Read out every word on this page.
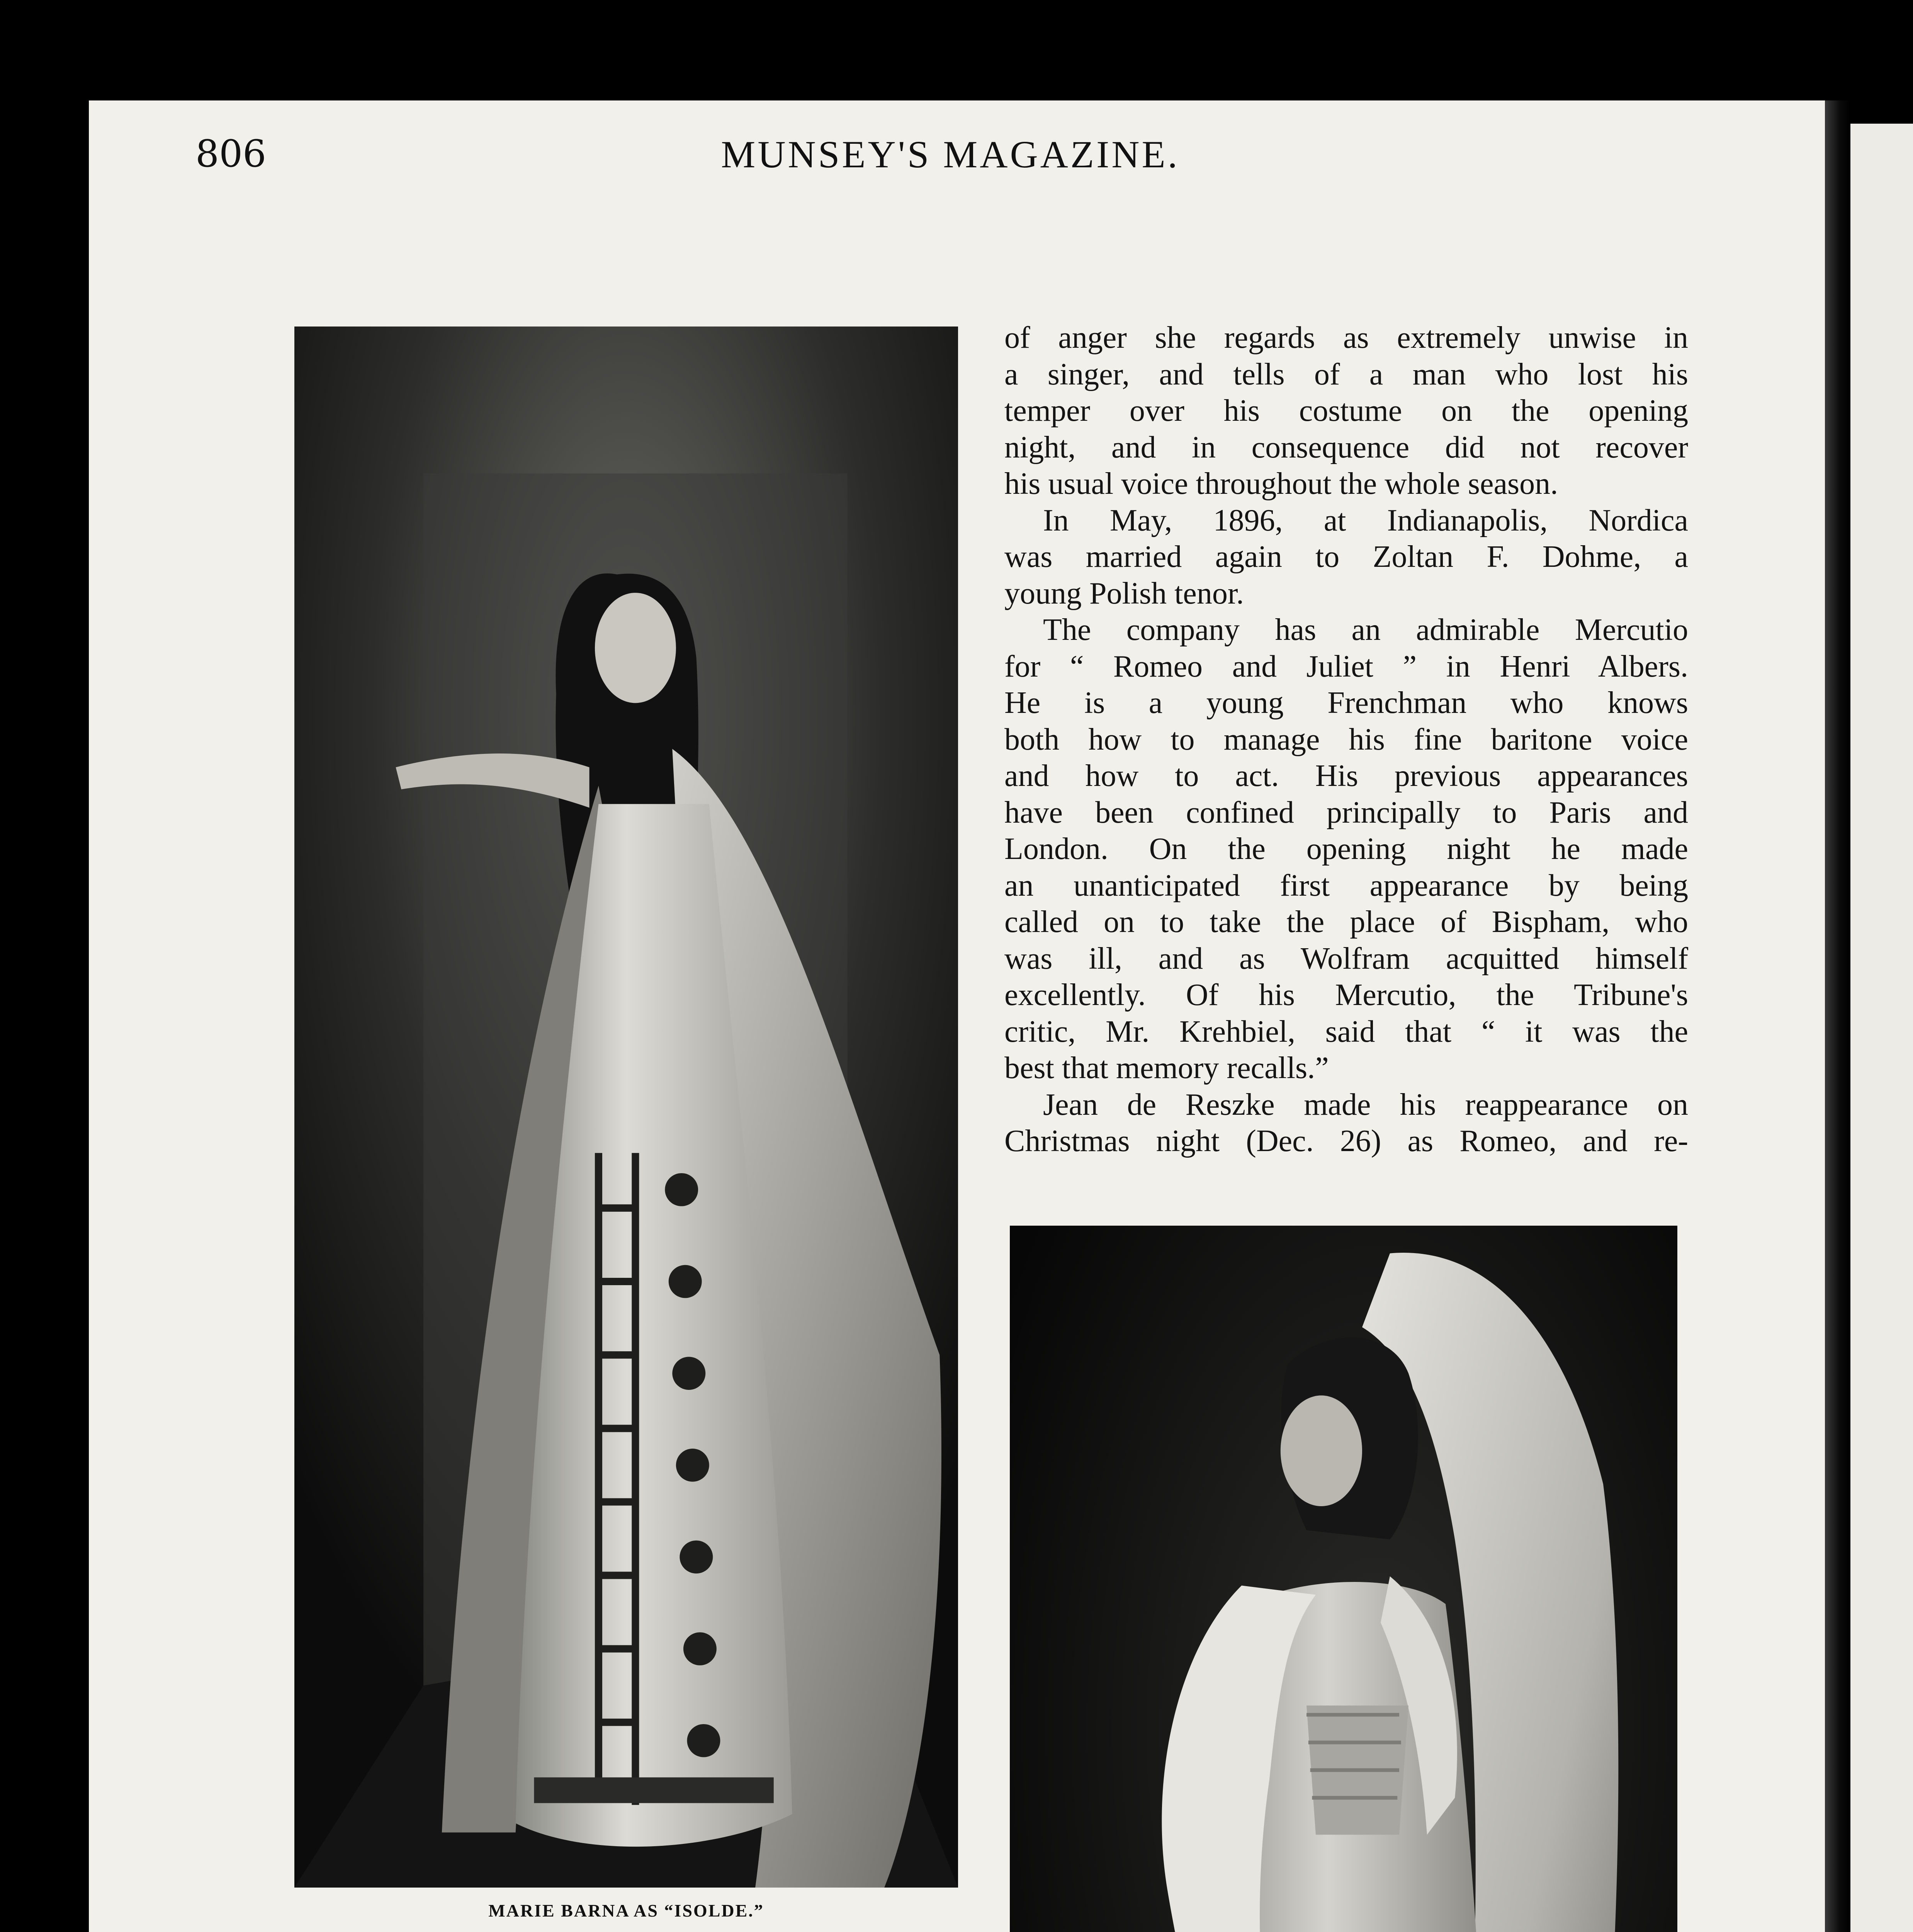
806	MUNSEY'S MAGAZINE.
MARIE BARNA AS “ISOLDE.”
of anger she regards as extremely unwise in
a singer, and tells of a man who lost his
temper over his costume on the opening
night, and in consequence did not recover
his usual voice throughout the whole season.
In May, 1896, at Indianapolis, Nordica
was married again to Zoltan F. Dohme, a
young Polish tenor.
The company has an admirable Mercutio
for “ Romeo and Juliet ” in Henri Albers.
He is a young Frenchman who knows
both how to manage his fine baritone voice
and how to act. His previous appearances
have been confined principally to Paris and
London. On the opening night he made
an unanticipated first appearance by being
called on to take the place of Bispham, who
was ill, and as Wolfram acquitted himself
excellently. Of his Mercutio, the Tribune's
critic, Mr. Krehbiel, said that “ it was the
best that memory recalls.”
Jean de Reszke made his reappearance on
Christmas night (Dec. 26) as Romeo, and re-
